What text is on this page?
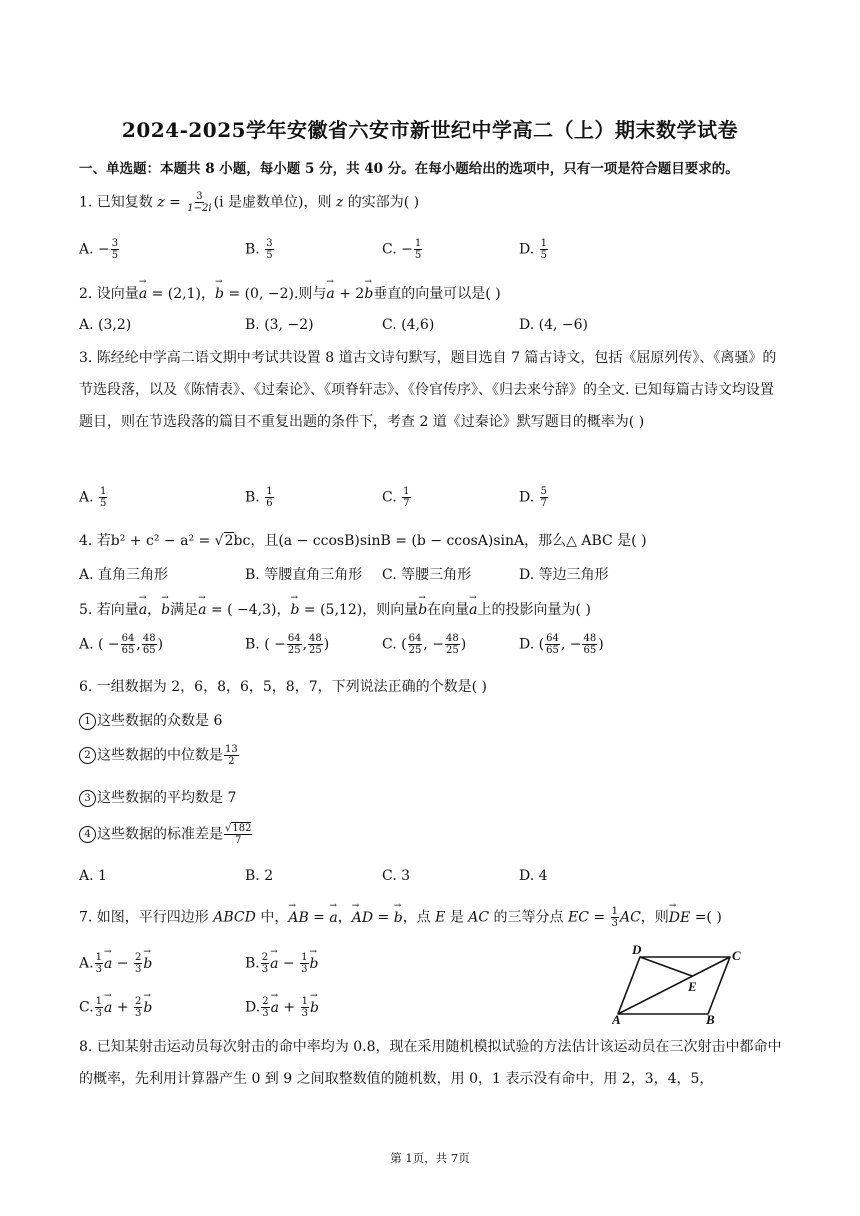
2024-2025学年安徽省六安市新世纪中学高二（上）期末数学试卷
一、单选题：本题共 8 小题，每小题 5 分，共 40 分。在每小题给出的选项中，只有一项是符合题目要求的。
1. 已知复数 $z = \frac{3}{1-2i} (i$ 是虚数单位)，则 z 的实部为( )
A. − $\frac{3}{5}$	B. $\frac{3}{5}$	C. − $\frac{1}{5}$	D. $\frac{1}{5}$
2. 设向量→ a = (2,1)，→ b = (0, −2).则与→ a + 2→ b垂直的向量可以是( )
A. (3,2)	B. (3, −2)	C. (4,6)	D. (4, −6)
3. 陈经纶中学高二语文期中考试共设置 8 道古文诗句默写，题目选自 7 篇古诗文，包括《屈原列传》、《离骚》的节选段落，以及《陈情表》、《过秦论》、《项脊轩志》、《伶官传序》、《归去来兮辞》的全文. 已知每篇古诗文均设置题目，则在节选段落的篇目不重复出题的条件下，考查 2 道《过秦论》默写题目的概率为( )
A. $\frac{1}{5}$	B. $\frac{1}{6}$	C. $\frac{1}{7}$	D. $\frac{5}{7}$
4. 若b² + c² − a² = √2bc，且(a − ccosB)sinB = (b − ccosA)sinA，那么△ ABC 是( )
A. 直角三角形	B. 等腰直角三角形 C. 等腰三角形	D. 等边三角形
5. 若向量→ a，→ b满足→ a = ( −4,3)，→ b = (5,12)，则向量→ b在向量→ a上的投影向量为( )
A. ( − $\frac{64}{65}$ , $\frac{48}{65}$ )	B. ( − $\frac{64}{25}$ , $\frac{48}{25}$ )	C. ( $\frac{64}{25}$ , − $\frac{48}{25}$ )	D. ( $\frac{64}{65}$ , − $\frac{48}{65}$ )
6. 一组数据为 2，6，8，6，5，8，7，下列说法正确的个数是( )
1 这些数据的众数是 6
2 这些数据的中位数是 $\frac{13}{2}$
3 这些数据的平均数是 7
4 这些数据的标准差是 $\frac{√182}{7}$
A. 1	B. 2	C. 3	D. 4
7. 如图，平行四边形 ABCD 中，→ AB = → a，→ AD = → b，点 E 是 AC 的三等分点 EC = $\frac{1}{3}$ AC，则→ DE =( )
A. $\frac{1}{3}$
→ $a - \frac{2}{3}$
→ b	B. $\frac{2}{3}$
→ $a - \frac{1}{3}$
→ b
C. $\frac{1}{3}$
→ $a + \frac{2}{3}$
→ b	D. $\frac{2}{3}$
→ $a + \frac{1}{3}$
→ b
D	C
A	B
E
8. 已知某射击运动员每次射击的命中率均为 0.8，现在采用随机模拟试验的方法估计该运动员在三次射击中都命中的概率，先利用计算器产生 0 到 9 之间取整数值的随机数，用 0，1 表示没有命中，用 2，3，4，5，
第 1页，共 7页
